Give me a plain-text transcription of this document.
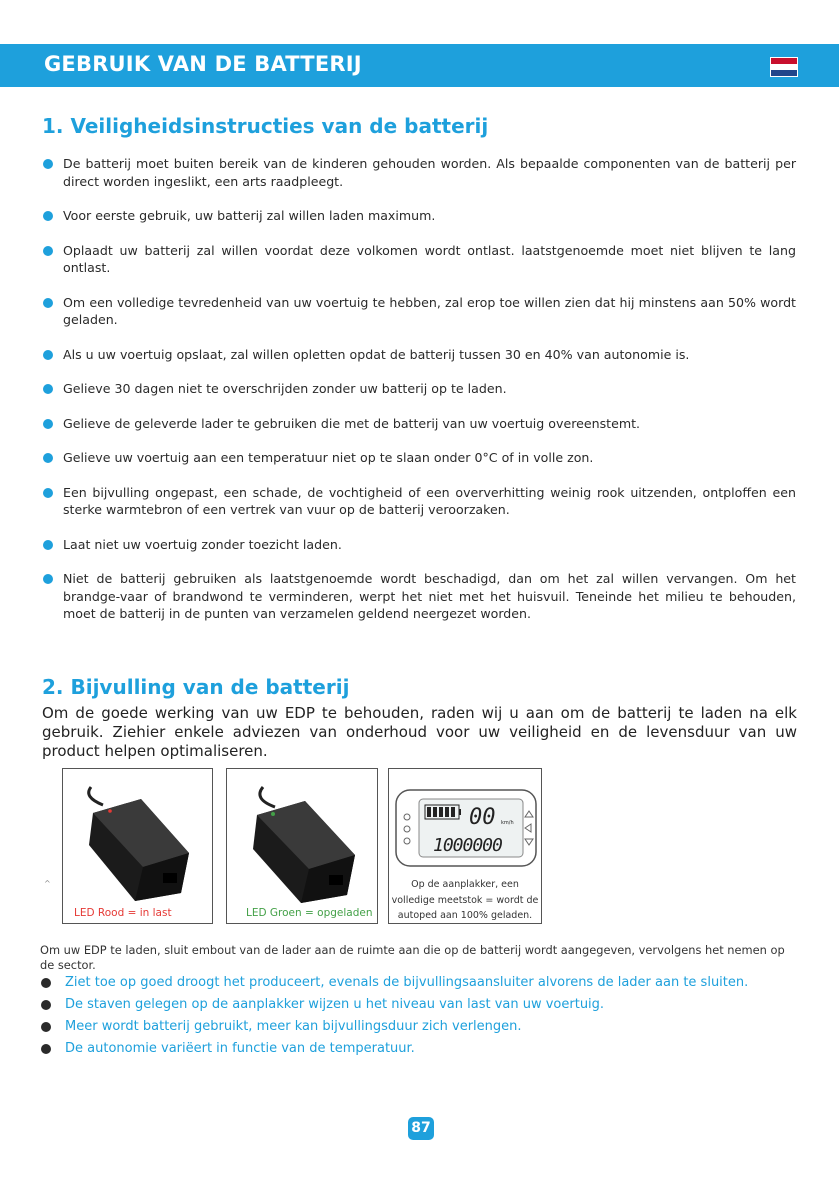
GEBRUIK VAN DE BATTERIJ
1. Veiligheidsinstructies van de batterij
De batterij moet buiten bereik van de kinderen gehouden worden. Als bepaalde componenten van de batterij per direct worden ingeslikt, een arts raadpleegt.
Voor eerste gebruik, uw batterij zal willen laden maximum.
Oplaadt uw batterij zal willen voordat deze volkomen wordt ontlast. laatstgenoemde moet niet blijven te lang ontlast.
Om een volledige tevredenheid van uw voertuig te hebben, zal erop toe willen zien dat hij minstens aan 50% wordt geladen.
Als u uw voertuig opslaat, zal willen opletten opdat de batterij tussen 30 en 40% van autonomie is.
Gelieve 30 dagen niet te overschrijden zonder uw batterij op te laden.
Gelieve de geleverde lader te gebruiken die met de batterij van uw voertuig overeenstemt.
Gelieve uw voertuig aan een temperatuur niet op te slaan onder 0°C of in volle zon.
Een bijvulling ongepast, een schade, de vochtigheid of een oververhitting weinig rook uitzenden, ontploffen een sterke warmtebron of een vertrek van vuur op de batterij veroorzaken.
Laat niet uw voertuig zonder toezicht laden.
Niet de batterij gebruiken als laatstgenoemde wordt beschadigd, dan om het zal willen vervangen. Om het brandge-vaar of brandwond te verminderen, werpt het niet met het huisvuil. Teneinde het milieu te behouden, moet de batterij in de punten van verzamelen geldend neergezet worden.
2. Bijvulling van de batterij
Om de goede werking van uw EDP te behouden, raden wij u aan om de batterij te laden na elk gebruik. Ziehier enkele adviezen van onderhoud voor uw veiligheid en de levensduur van uw product helpen optimaliseren.
LED Rood = in last
^
LED Groen = opgeladen
00 km/h
1000000
Op de aanplakker, een volledige meetstok = wordt de autoped aan 100% geladen.
Om uw EDP te laden, sluit embout van de lader aan de ruimte aan die op de batterij wordt aangegeven, vervolgens het nemen op de sector.
Ziet toe op goed droogt het produceert, evenals de bijvullingsaansluiter alvorens de lader aan te sluiten.
De staven gelegen op de aanplakker wijzen u het niveau van last van uw voertuig.
Meer wordt batterij gebruikt, meer kan bijvullingsduur zich verlengen.
De autonomie variëert in functie van de temperatuur.
87
